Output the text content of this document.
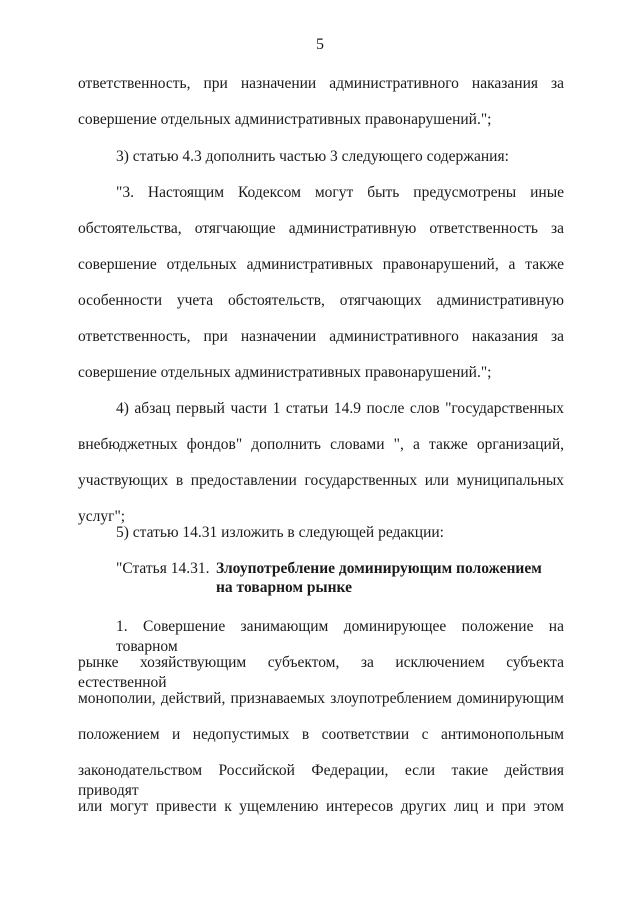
5
ответственность, при назначении административного наказания за
совершение отдельных административных правонарушений.";
3) статью 4.3 дополнить частью 3 следующего содержания:
"3. Настоящим Кодексом могут быть предусмотрены иные
обстоятельства, отягчающие административную ответственность за
совершение отдельных административных правонарушений, а также
особенности учета обстоятельств, отягчающих административную
ответственность, при назначении административного наказания за
совершение отдельных административных правонарушений.";
4) абзац первый части 1 статьи 14.9 после слов "государственных
внебюджетных фондов" дополнить словами ", а также организаций,
участвующих в предоставлении государственных или муниципальных
услуг";
5) статью 14.31 изложить в следующей редакции:
"Статья 14.31. Злоупотребление доминирующим положением
на товарном рынке
1. Совершение занимающим доминирующее положение на товарном
рынке хозяйствующим субъектом, за исключением субъекта естественной
монополии, действий, признаваемых злоупотреблением доминирующим
положением и недопустимых в соответствии с антимонопольным
законодательством Российской Федерации, если такие действия приводят
или могут привести к ущемлению интересов других лиц и при этом
